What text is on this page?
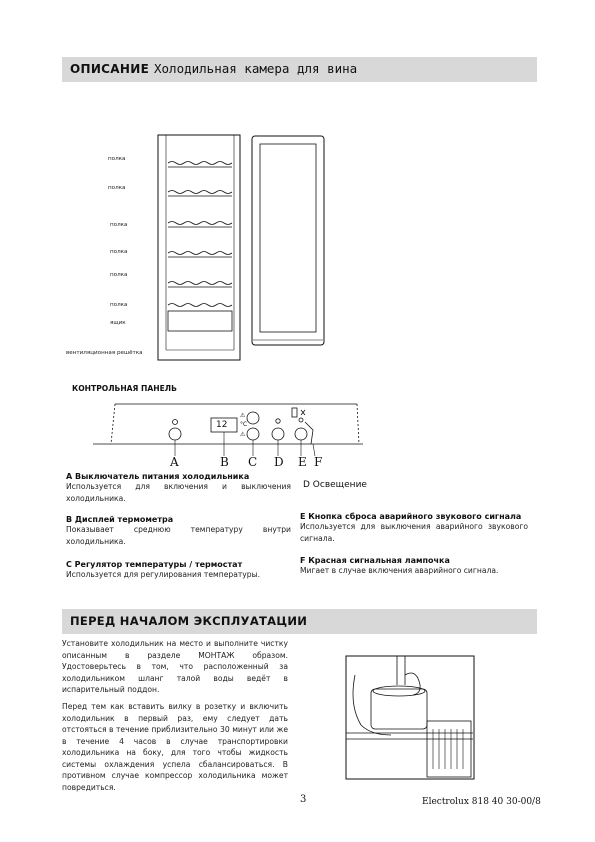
ОПИСАНИЕ Холодильная камера для вина
полка
полка
полка
полка
полка
полка
ящик
вентиляционная решётка
КОНТРОЛЬНАЯ ПАНЕЛЬ
⚠
⚠
12 °C
A	B C D E F
A Выключатель питания холодильника
Используется для включения и выключения холодильника.
B Дисплей термометра
Показывает среднюю температуру внутри холодильника.
C Регулятор температуры / термостат
Используется для регулирования температуры.
D Освещение
E Кнопка сброса аварийного звукового сигнала
Используется для выключения аварийного звукового сигнала.
F Красная сигнальная лампочка
Мигает в случае включения аварийного сигнала.
ПЕРЕД НАЧАЛОМ ЭКСПЛУАТАЦИИ
Установите холодильник на место и выполните чистку описанным в разделе МОНТАЖ образом. Удостоверьтесь в том, что расположенный за холодильником шланг талой воды ведёт в испарительный поддон.
Перед тем как вставить вилку в розетку и включить холодильник в первый раз, ему следует дать отстояться в течение приблизительно 30 минут или же в течение 4 часов в случае транспортировки холодильника на боку, для того чтобы жидкость системы охлаждения успела сбалансироваться. В противном случае компрессор холодильника может повредиться.
3	Electrolux 818 40 30-00/8
